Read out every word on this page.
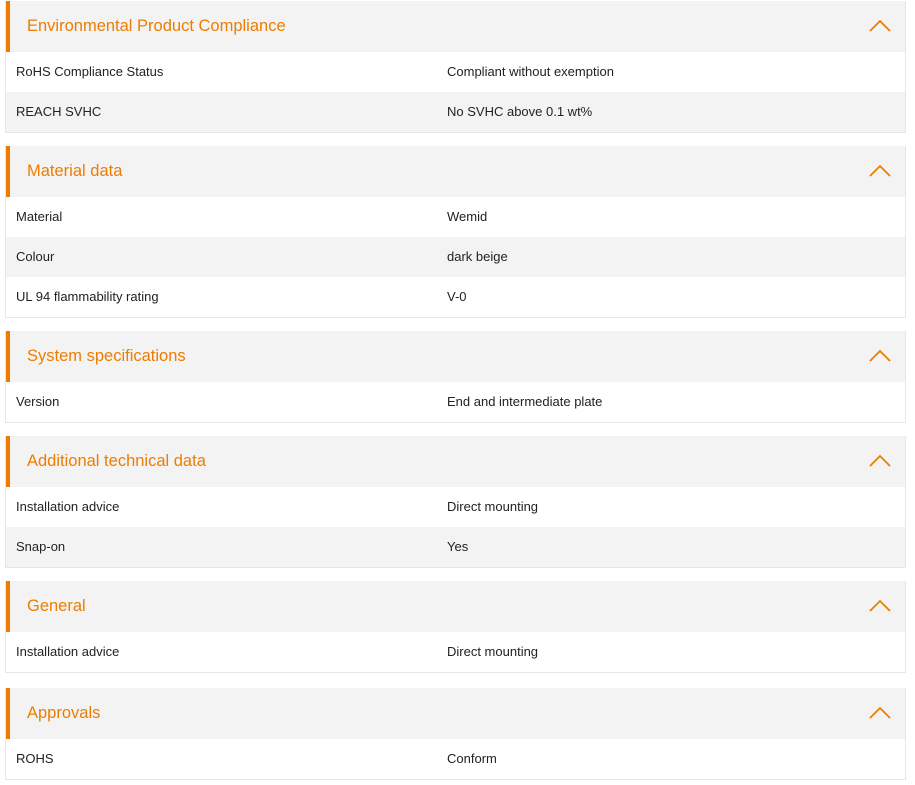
Environmental Product Compliance
RoHS Compliance Status	Compliant without exemption
REACH SVHC	No SVHC above 0.1 wt%
Material data
Material	Wemid
Colour	dark beige
UL 94 flammability rating	V-0
System specifications
Version	End and intermediate plate
Additional technical data
Installation advice	Direct mounting
Snap-on	Yes
General
Installation advice	Direct mounting
Approvals
ROHS	Conform
